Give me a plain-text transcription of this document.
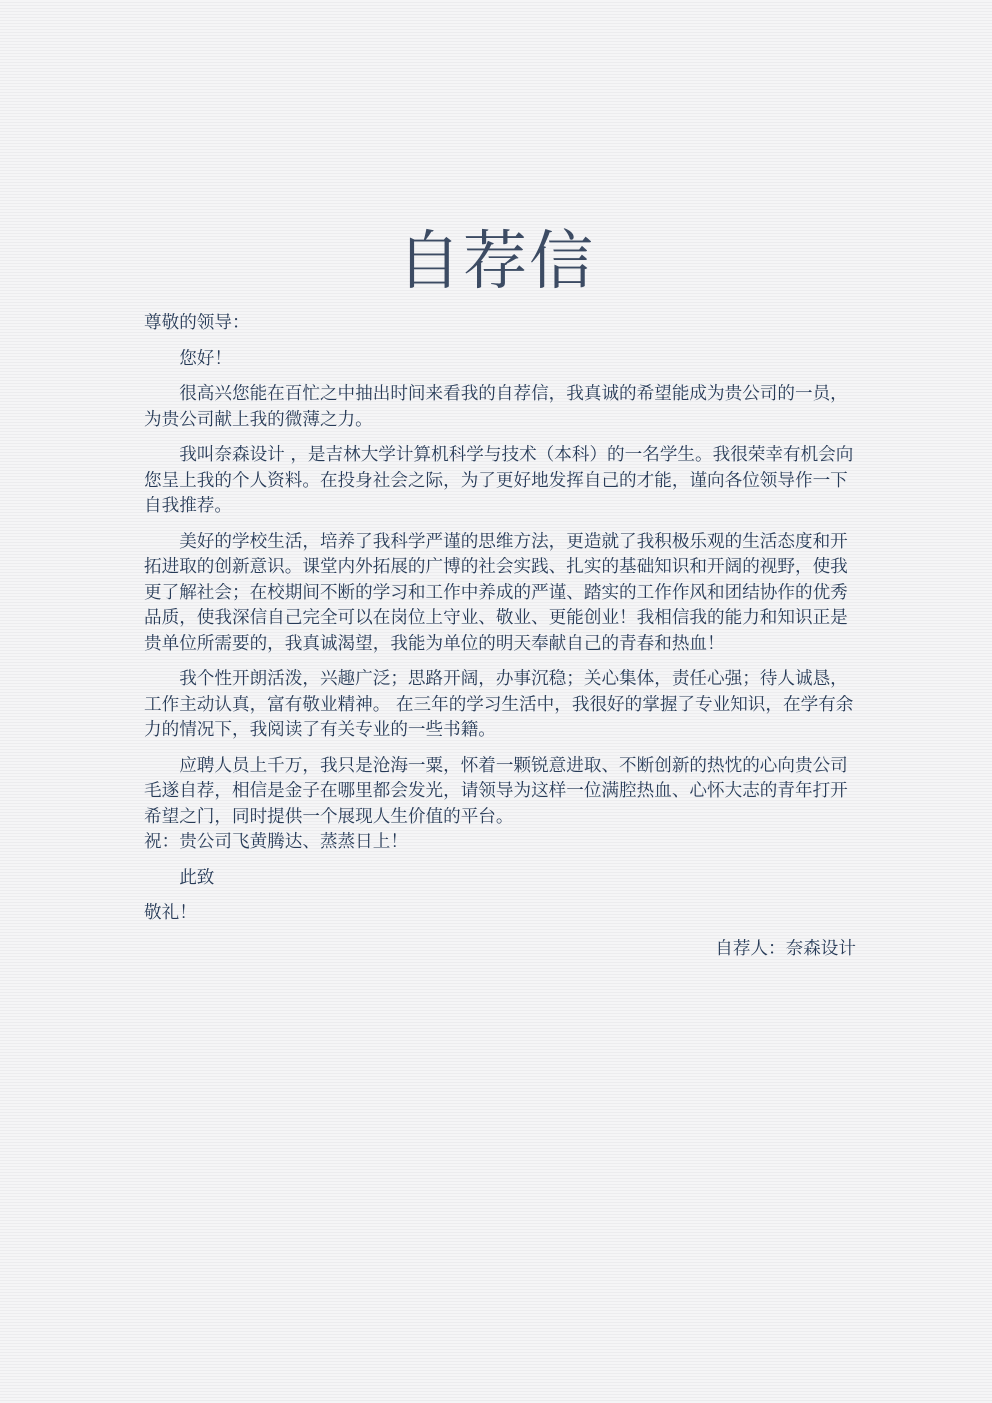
自荐信

尊敬的领导：

您好！

很高兴您能在百忙之中抽出时间来看我的自荐信，我真诚的希望能成为贵公司的一员，为贵公司献上我的微薄之力。

我叫奈森设计 ，是吉林大学计算机科学与技术（本科）的一名学生。我很荣幸有机会向您呈上我的个人资料。在投身社会之际，为了更好地发挥自己的才能，谨向各位领导作一下自我推荐。

美好的学校生活，培养了我科学严谨的思维方法，更造就了我积极乐观的生活态度和开拓进取的创新意识。课堂内外拓展的广博的社会实践、扎实的基础知识和开阔的视野，使我更了解社会；在校期间不断的学习和工作中养成的严谨、踏实的工作作风和团结协作的优秀品质，使我深信自己完全可以在岗位上守业、敬业、更能创业！我相信我的能力和知识正是贵单位所需要的，我真诚渴望，我能为单位的明天奉献自己的青春和热血！

我个性开朗活泼，兴趣广泛；思路开阔，办事沉稳；关心集体，责任心强；待人诚恳，工作主动认真，富有敬业精神。 在三年的学习生活中，我很好的掌握了专业知识，在学有余力的情况下，我阅读了有关专业的一些书籍。

应聘人员上千万，我只是沧海一粟，怀着一颗锐意进取、不断创新的热忱的心向贵公司毛遂自荐，相信是金子在哪里都会发光，请领导为这样一位满腔热血、心怀大志的青年打开希望之门，同时提供一个展现人生价值的平台。

祝：贵公司飞黄腾达、蒸蒸日上！

此致

敬礼！

自荐人：奈森设计
